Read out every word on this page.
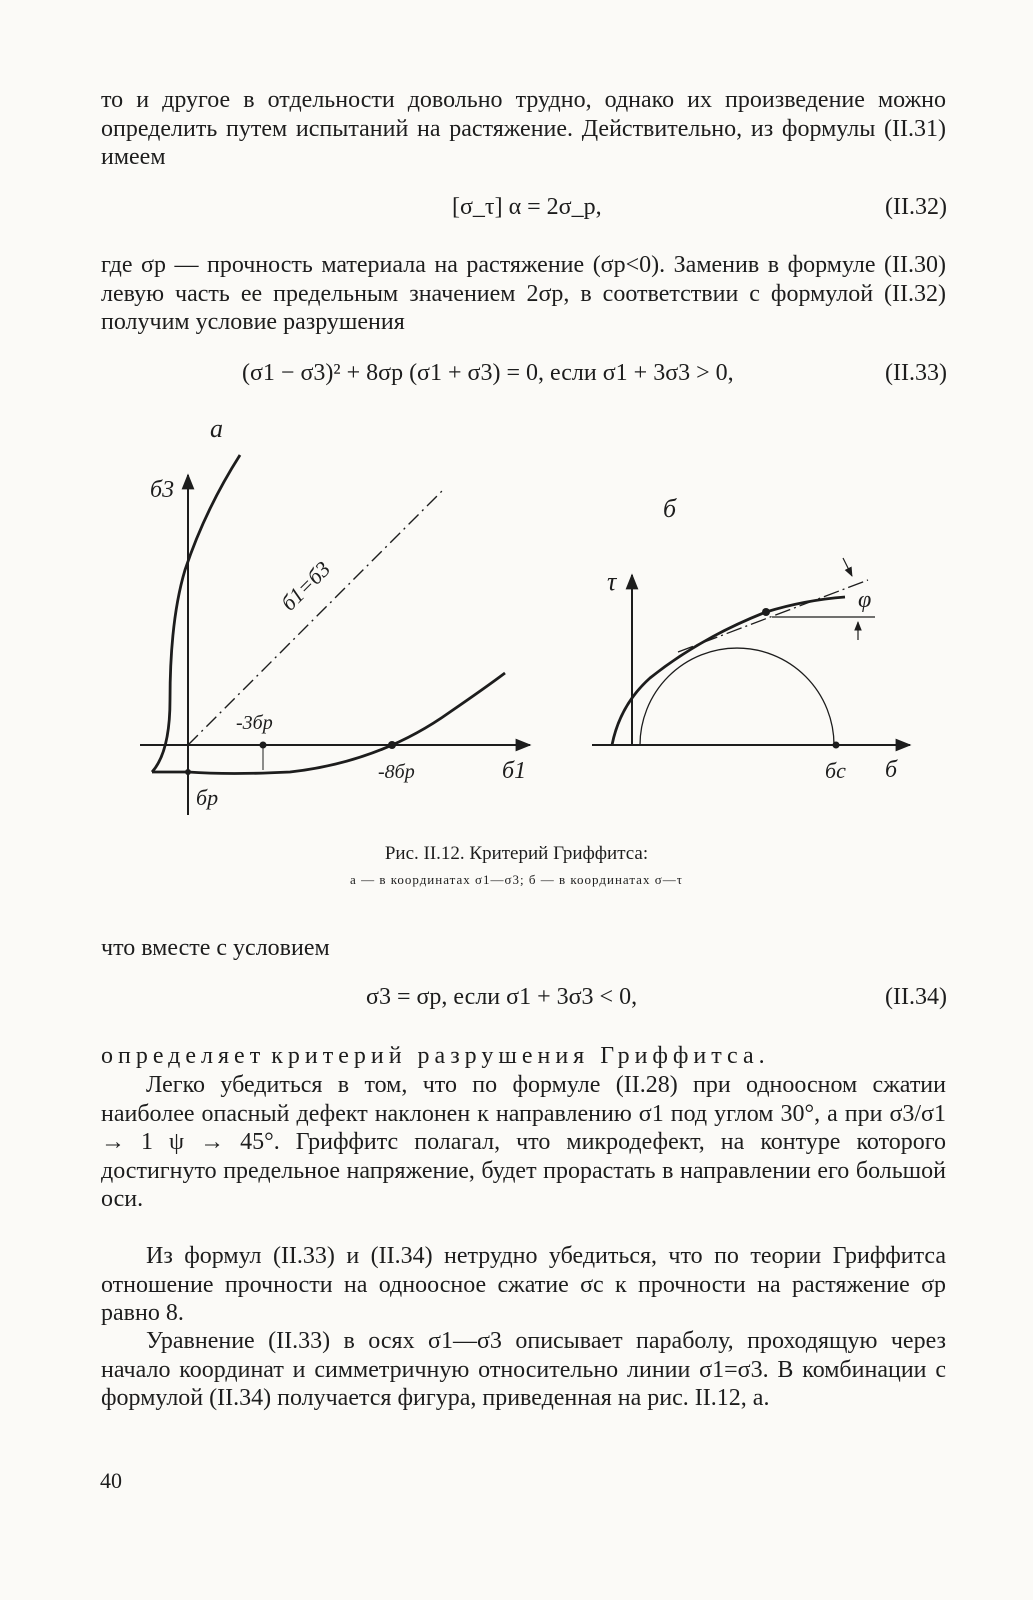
то и другое в отдельности довольно трудно, однако их произведение можно определить путем испытаний на растяжение. Действительно, из формулы (II.31) имеем

[σ_τ] α = 2σ_p,	(II.32)

где σp — прочность материала на растяжение (σp<0). Заменив в формуле (II.30) левую часть ее предельным значением 2σp, в соответствии с формулой (II.32) получим условие разрушения

(σ1 − σ3)² + 8σp (σ1 + σ3) = 0, если σ1 + 3σ3 > 0,	(II.33)
а
б3
б1
б1=б3
-3бp
-8бp
бp
б
τ
б
φ
бc
Рис. II.12. Критерий Гриффитса:
а — в координатах σ1—σ3; б — в координатах σ—τ

что вместе с условием

σ3 = σp, если σ1 + 3σ3 < 0,	(II.34)

определяет критерий разрушения Гриффитса.

Легко убедиться в том, что по формуле (II.28) при одноосном сжатии наиболее опасный дефект наклонен к направлению σ1 под углом 30°, а при σ3/σ1 → 1 ψ → 45°. Гриффитс полагал, что микродефект, на контуре которого достигнуто предельное напряжение, будет прорастать в направлении его большой оси.

Из формул (II.33) и (II.34) нетрудно убедиться, что по теории Гриффитса отношение прочности на одноосное сжатие σc к прочности на растяжение σp равно 8.

Уравнение (II.33) в осях σ1—σ3 описывает параболу, проходящую через начало координат и симметричную относительно линии σ1=σ3. В комбинации с формулой (II.34) получается фигура, приведенная на рис. II.12, а.

40
